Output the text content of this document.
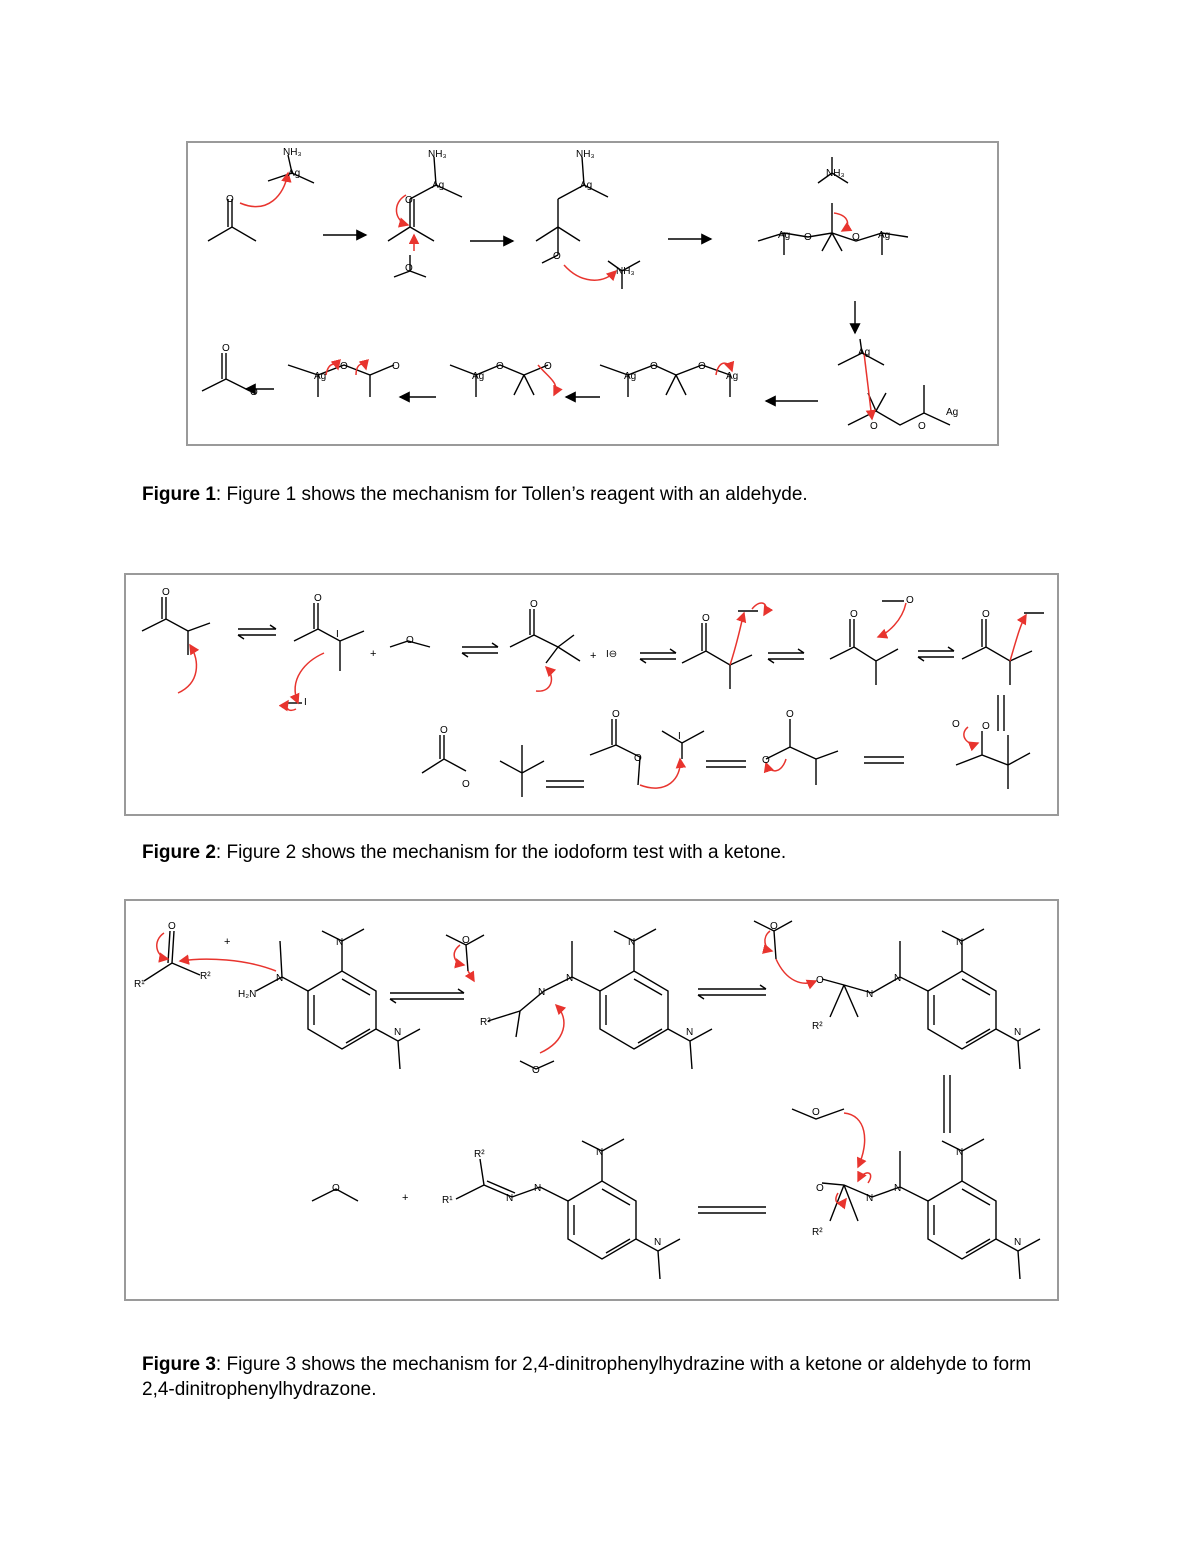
O
Ag
NH₃
Ag
NH₃
O
O
Ag
NH₃
O
NH₃
Ag O	O Ag
NH₃
Ag
O	O
Ag
Ag
O	O
Ag
Ag
O	O
Ag
O	O
O
O
Figure 1: Figure 1 shows the mechanism for Tollen’s reagent with an aldehyde.
O
O
I
I
+
O
O
+ I⊖
O	O
O
O
O O
O
O
O
O
I
O
O
Figure 2: Figure 2 shows the mechanism for the iodoform test with a ketone.
O
R¹
R²
+
N
H₂N
N
N
O
N
N
N
N
R²
O
O
O
N
N
N
N
R²
O
O
N
N
N
N
R²
O
+
R²
R¹	N
N
N
N
Figure 3: Figure 3 shows the mechanism for 2,4-dinitrophenylhydrazine with a ketone or aldehyde to form 2,4-dinitrophenylhydrazone.
